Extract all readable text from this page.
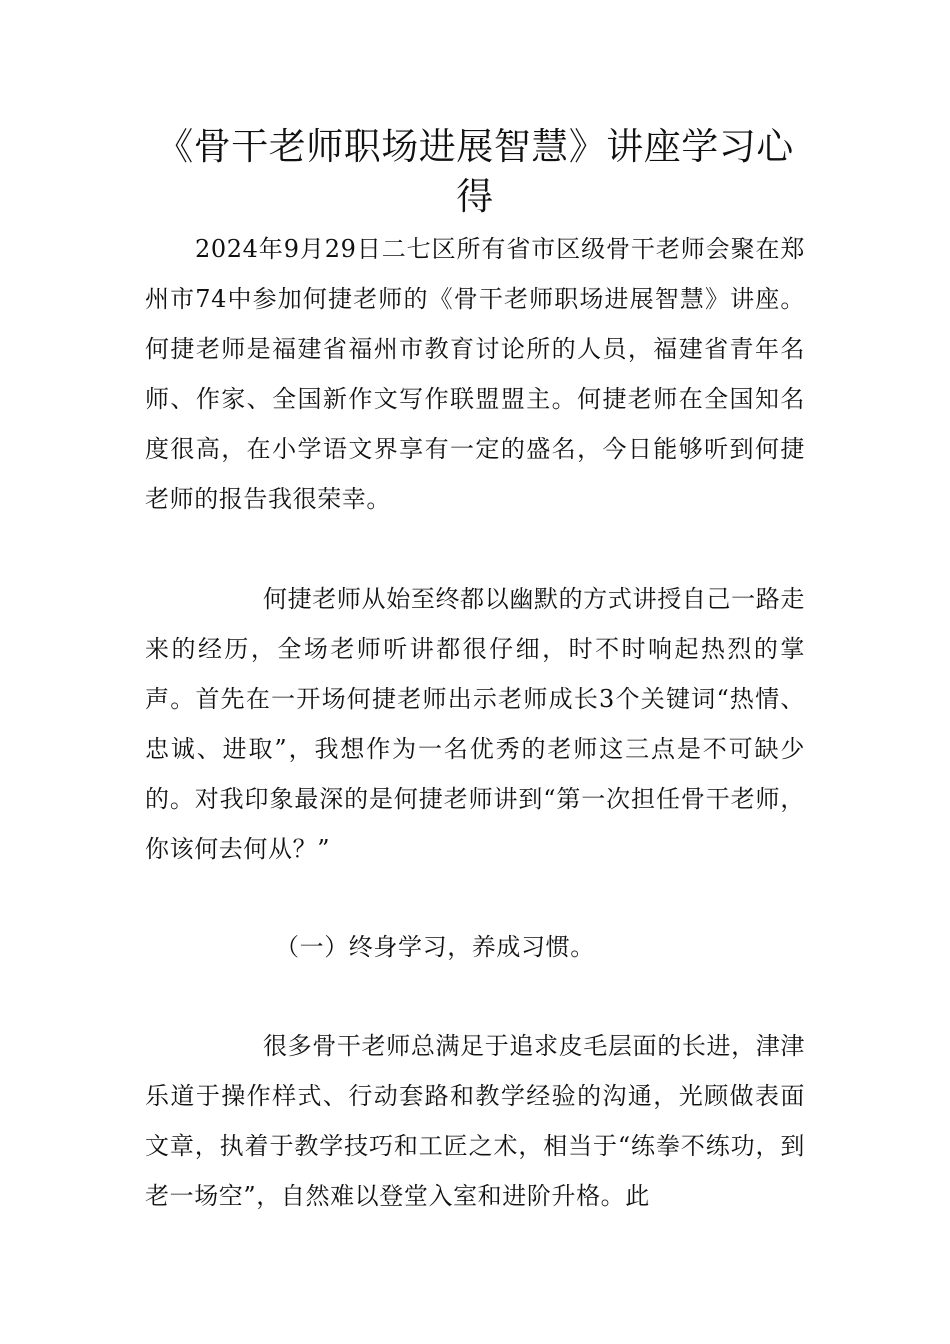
《骨干老师职场进展智慧》讲座学习心得

2024年9月29日二七区所有省市区级骨干老师会聚在郑州市74中参加何捷老师的《骨干老师职场进展智慧》讲座。何捷老师是福建省福州市教育讨论所的人员，福建省青年名师、作家、全国新作文写作联盟盟主。何捷老师在全国知名度很高，在小学语文界享有一定的盛名，今日能够听到何捷老师的报告我很荣幸。

何捷老师从始至终都以幽默的方式讲授自己一路走来的经历，全场老师听讲都很仔细，时不时响起热烈的掌声。首先在一开场何捷老师出示老师成长3个关键词“热情、忠诚、进取”，我想作为一名优秀的老师这三点是不可缺少的。对我印象最深的是何捷老师讲到“第一次担任骨干老师，你该何去何从？”

（一）终身学习，养成习惯。

很多骨干老师总满足于追求皮毛层面的长进，津津乐道于操作样式、行动套路和教学经验的沟通，光顾做表面文章，执着于教学技巧和工匠之术，相当于“练拳不练功，到老一场空”，自然难以登堂入室和进阶升格。此
